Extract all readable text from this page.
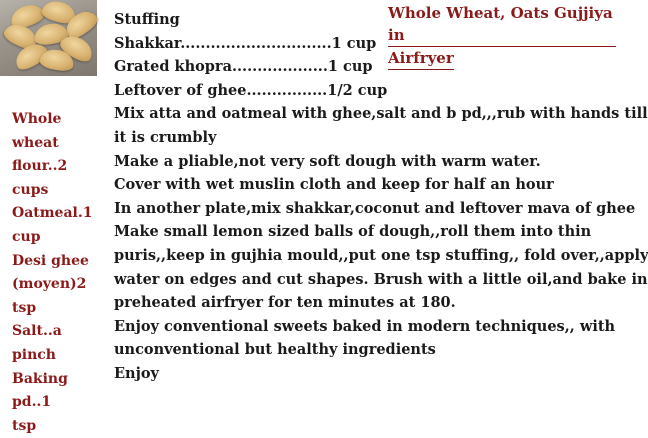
Whole Wheat, Oats Gujjiya in
Airfryer
Whole
wheat
flour..2 cups
Oatmeal.1
cup
Desi ghee
(moyen)2
tsp
Salt..a pinch
Baking pd..1
tsp
Stuffing
Shakkar..............................1 cup
Grated khopra...................1 cup
Leftover of ghee................1/2 cup
Mix atta and oatmeal with ghee,salt and b pd,,,rub with hands till
it is crumbly
Make a pliable,not very soft dough with warm water.
Cover with wet muslin cloth and keep for half an hour
In another plate,mix shakkar,coconut and leftover mava of ghee
Make small lemon sized balls of dough,,roll them into thin
puris,,keep in gujhia mould,,put one tsp stuffing,, fold over,,apply
water on edges and cut shapes. Brush with a little oil,and bake in
preheated airfryer for ten minutes at 180.
Enjoy conventional sweets baked in modern techniques,, with
unconventional but healthy ingredients
Enjoy
